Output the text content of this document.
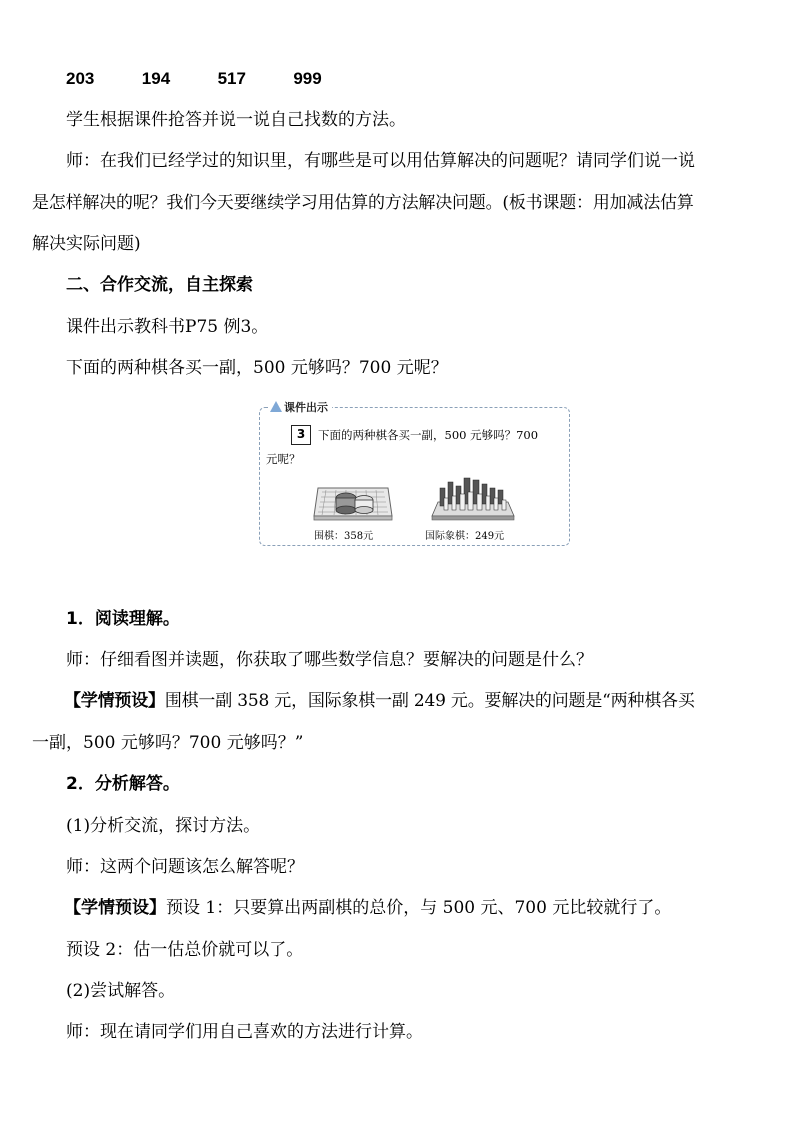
203	194	517	999
学生根据课件抢答并说一说自己找数的方法。
师：在我们已经学过的知识里，有哪些是可以用估算解决的问题呢？请同学们说一说
是怎样解决的呢？我们今天要继续学习用估算的方法解决问题。(板书课题：用加减法估算
解决实际问题)
二、合作交流，自主探索
课件出示教科书P75 例3。
下面的两种棋各买一副，500 元够吗？700 元呢？
课件出示
3	下面的两种棋各买一副，500 元够吗？700
元呢？
围棋：358元	国际象棋：249元
1．阅读理解。
师：仔细看图并读题，你获取了哪些数学信息？要解决的问题是什么？
【学情预设】围棋一副 358 元，国际象棋一副 249 元。要解决的问题是“两种棋各买
一副，500 元够吗？700 元够吗？”
2．分析解答。
(1)分析交流，探讨方法。
师：这两个问题该怎么解答呢？
【学情预设】预设 1：只要算出两副棋的总价，与 500 元、700 元比较就行了。
预设 2：估一估总价就可以了。
(2)尝试解答。
师：现在请同学们用自己喜欢的方法进行计算。
